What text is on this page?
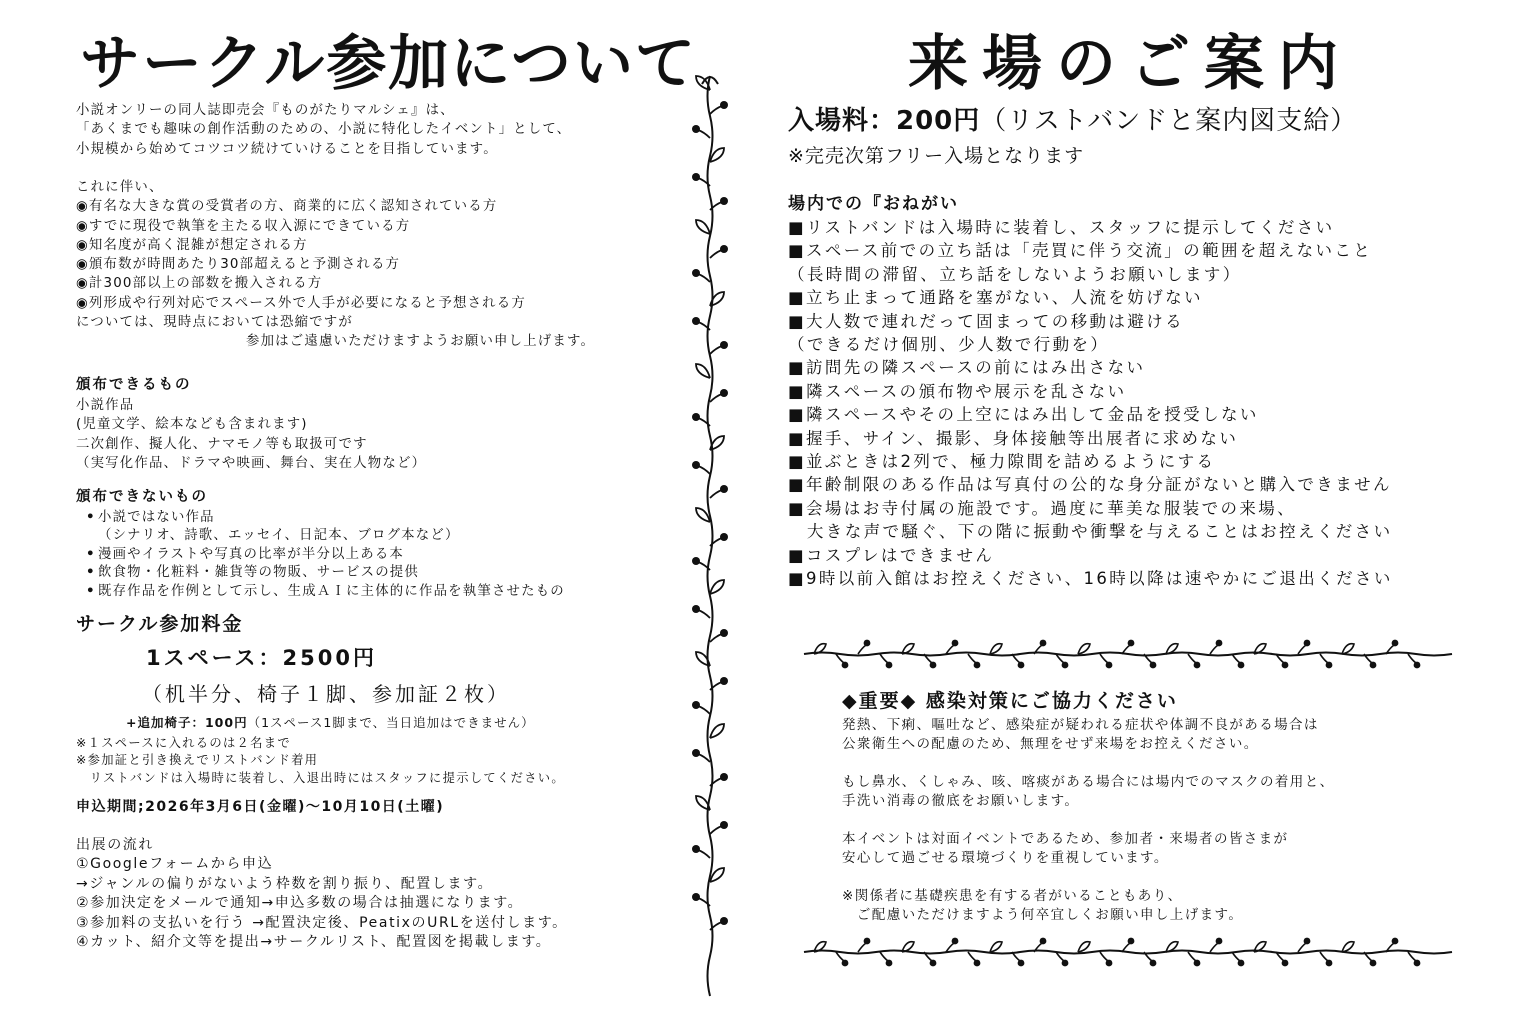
サークル参加について

小説オンリーの同人誌即売会『ものがたりマルシェ』は、

「あくまでも趣味の創作活動のための、小説に特化したイベント」として、

小規模から始めてコツコツ続けていけることを目指しています。

これに伴い、

◉有名な大きな賞の受賞者の方、商業的に広く認知されている方

◉すでに現役で執筆を主たる収入源にできている方

◉知名度が高く混雑が想定される方

◉頒布数が時間あたり30部超えると予測される方

◉計300部以上の部数を搬入される方

◉列形成や行列対応でスペース外で人手が必要になると予想される方

については、現時点においては恐縮ですが

参加はご遠慮いただけますようお願い申し上げます。

頒布できるもの

小説作品

(児童文学、絵本なども含まれます)

二次創作、擬人化、ナマモノ等も取扱可です

（実写化作品、ドラマや映画、舞台、実在人物など）

頒布できないもの

• 小説ではない作品
（シナリオ、詩歌、エッセイ、日記本、ブログ本など）
• 漫画やイラストや写真の比率が半分以上ある本
• 飲食物・化粧料・雑貨等の物販、サービスの提供
• 既存作品を作例として示し、生成ＡＩに主体的に作品を執筆させたもの

サークル参加料金

1スペース：2500円

（机半分、椅子１脚、参加証２枚）

+追加椅子：100円（1スペース1脚まで、当日追加はできません）

※１スペースに入れるのは２名まで

※参加証と引き換えでリストバンド着用

　リストバンドは入場時に装着し、入退出時にはスタッフに提示してください。

申込期間;2026年3月6日(金曜)〜10月10日(土曜)

出展の流れ

①Googleフォームから申込

→ジャンルの偏りがないよう枠数を割り振り、配置します。

②参加決定をメールで通知→申込多数の場合は抽選になります。

③参加料の支払いを行う →配置決定後、PeatixのURLを送付します。

④カット、紹介文等を提出→サークルリスト、配置図を掲載します。

来場のご案内

入場料：200円（リストバンドと案内図支給）

※完売次第フリー入場となります

場内での『おねがい

■リストバンドは入場時に装着し、スタッフに提示してください
■スペース前での立ち話は「売買に伴う交流」の範囲を超えないこと
（長時間の滞留、立ち話をしないようお願いします）
■立ち止まって通路を塞がない、人流を妨げない
■大人数で連れだって固まっての移動は避ける
（できるだけ個別、少人数で行動を）
■訪問先の隣スペースの前にはみ出さない
■隣スペースの頒布物や展示を乱さない
■隣スペースやその上空にはみ出して金品を授受しない
■握手、サイン、撮影、身体接触等出展者に求めない
■並ぶときは2列で、極力隙間を詰めるようにする
■年齢制限のある作品は写真付の公的な身分証がないと購入できません
■会場はお寺付属の施設です。過度に華美な服装での来場、
　大きな声で騒ぐ、下の階に振動や衝撃を与えることはお控えください
■コスプレはできません
■9時以前入館はお控えください、16時以降は速やかにご退出ください

◆重要◆ 感染対策にご協力ください

発熱、下痢、嘔吐など、感染症が疑われる症状や体調不良がある場合は

公衆衛生への配慮のため、無理をせず来場をお控えください。

もし鼻水、くしゃみ、咳、喀痰がある場合には場内でのマスクの着用と、

手洗い消毒の徹底をお願いします。

本イベントは対面イベントであるため、参加者・来場者の皆さまが

安心して過ごせる環境づくりを重視しています。

※関係者に基礎疾患を有する者がいることもあり、

　ご配慮いただけますよう何卒宜しくお願い申し上げます。
